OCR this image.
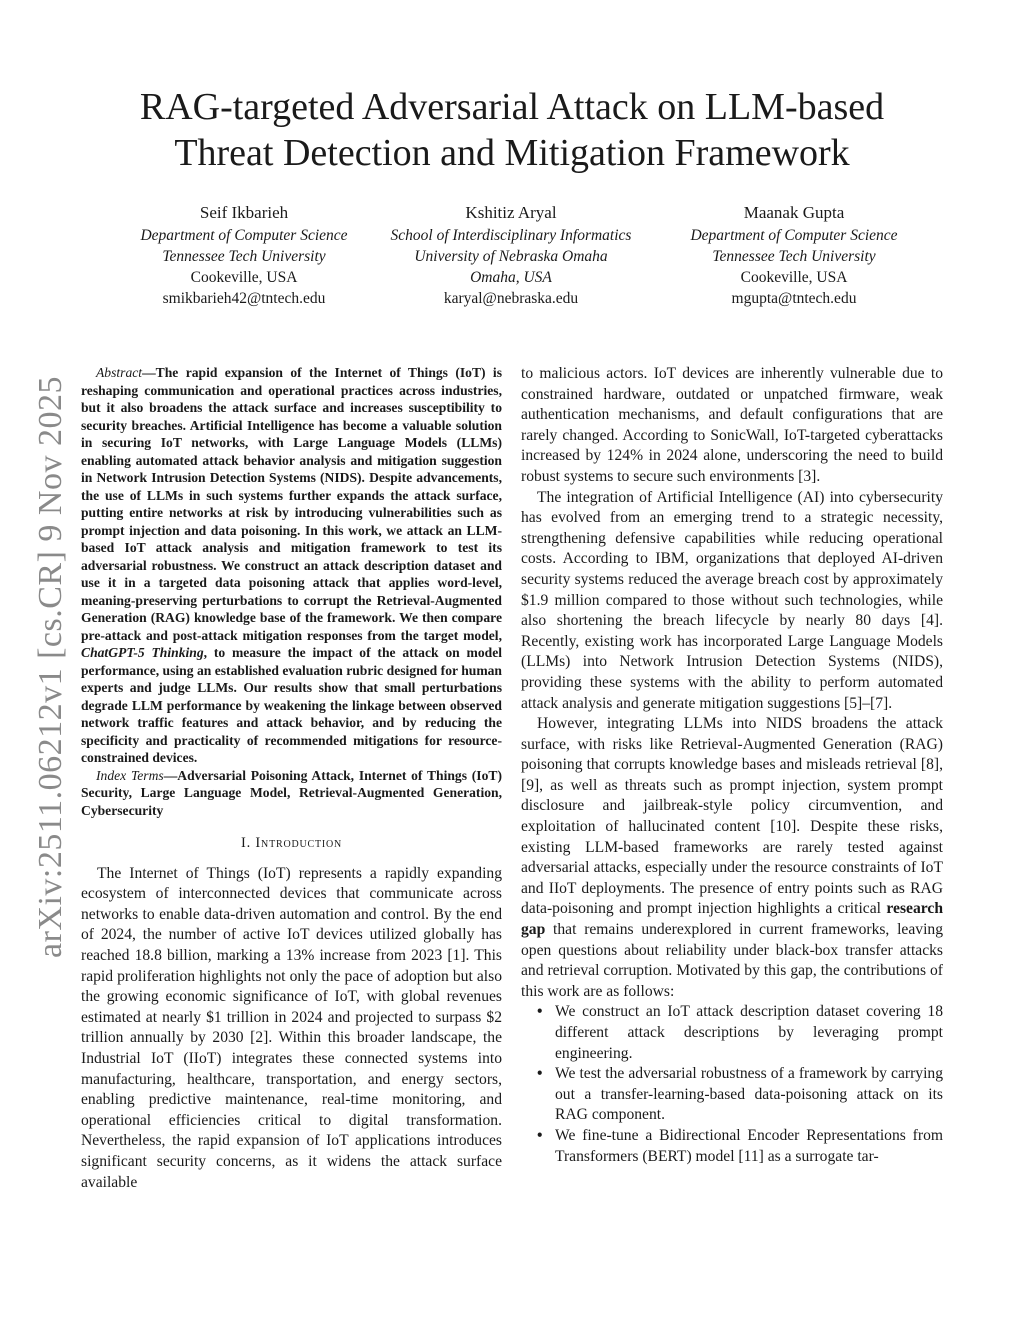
arXiv:2511.06212v1 [cs.CR] 9 Nov 2025
RAG-targeted Adversarial Attack on LLM-based
Threat Detection and Mitigation Framework
Seif Ikbarieh
Department of Computer Science
Tennessee Tech University
Cookeville, USA
smikbarieh42@tntech.edu
Kshitiz Aryal
School of Interdisciplinary Informatics
University of Nebraska Omaha
Omaha, USA
karyal@nebraska.edu
Maanak Gupta
Department of Computer Science
Tennessee Tech University
Cookeville, USA
mgupta@tntech.edu

Abstract—The rapid expansion of the Internet of Things (IoT) is reshaping communication and operational practices across industries, but it also broadens the attack surface and increases susceptibility to security breaches. Artificial Intelligence has become a valuable solution in securing IoT networks, with Large Language Models (LLMs) enabling automated attack behavior analysis and mitigation suggestion in Network Intrusion Detection Systems (NIDS). Despite advancements, the use of LLMs in such systems further expands the attack surface, putting entire networks at risk by introducing vulnerabilities such as prompt injection and data poisoning. In this work, we attack an LLM-based IoT attack analysis and mitigation framework to test its adversarial robustness. We construct an attack description dataset and use it in a targeted data poisoning attack that applies word-level, meaning-preserving perturbations to corrupt the Retrieval-Augmented Generation (RAG) knowledge base of the framework. We then compare pre-attack and post-attack mitigation responses from the target model, ChatGPT-5 Thinking, to measure the impact of the attack on model performance, using an established evaluation rubric designed for human experts and judge LLMs. Our results show that small perturbations degrade LLM performance by weakening the linkage between observed network traffic features and attack behavior, and by reducing the specificity and practicality of recommended mitigations for resource-constrained devices.

Index Terms—Adversarial Poisoning Attack, Internet of Things (IoT) Security, Large Language Model, Retrieval-Augmented Generation, Cybersecurity

I. Introduction

The Internet of Things (IoT) represents a rapidly expanding ecosystem of interconnected devices that communicate across networks to enable data-driven automation and control. By the end of 2024, the number of active IoT devices utilized globally has reached 18.8 billion, marking a 13% increase from 2023 [1]. This rapid proliferation highlights not only the pace of adoption but also the growing economic significance of IoT, with global revenues estimated at nearly $1 trillion in 2024 and projected to surpass $2 trillion annually by 2030 [2]. Within this broader landscape, the Industrial IoT (IIoT) integrates these connected systems into manufacturing, healthcare, transportation, and energy sectors, enabling predictive maintenance, real-time monitoring, and operational efficiencies critical to digital transformation. Nevertheless, the rapid expansion of IoT applications introduces significant security concerns, as it widens the attack surface available

to malicious actors. IoT devices are inherently vulnerable due to constrained hardware, outdated or unpatched firmware, weak authentication mechanisms, and default configurations that are rarely changed. According to SonicWall, IoT-targeted cyberattacks increased by 124% in 2024 alone, underscoring the need to build robust systems to secure such environments [3].

The integration of Artificial Intelligence (AI) into cybersecurity has evolved from an emerging trend to a strategic necessity, strengthening defensive capabilities while reducing operational costs. According to IBM, organizations that deployed AI-driven security systems reduced the average breach cost by approximately $1.9 million compared to those without such technologies, while also shortening the breach lifecycle by nearly 80 days [4]. Recently, existing work has incorporated Large Language Models (LLMs) into Network Intrusion Detection Systems (NIDS), providing these systems with the ability to perform automated attack analysis and generate mitigation suggestions [5]–[7].

However, integrating LLMs into NIDS broadens the attack surface, with risks like Retrieval-Augmented Generation (RAG) poisoning that corrupts knowledge bases and misleads retrieval [8], [9], as well as threats such as prompt injection, system prompt disclosure and jailbreak-style policy circumvention, and exploitation of hallucinated content [10]. Despite these risks, existing LLM-based frameworks are rarely tested against adversarial attacks, especially under the resource constraints of IoT and IIoT deployments. The presence of entry points such as RAG data-poisoning and prompt injection highlights a critical research gap that remains underexplored in current frameworks, leaving open questions about reliability under black-box transfer attacks and retrieval corruption. Motivated by this gap, the contributions of this work are as follows:

• We construct an IoT attack description dataset covering 18 different attack descriptions by leveraging prompt engineering.
• We test the adversarial robustness of a framework by carrying out a transfer-learning-based data-poisoning attack on its RAG component.
• We fine-tune a Bidirectional Encoder Representations from Transformers (BERT) model [11] as a surrogate tar-
